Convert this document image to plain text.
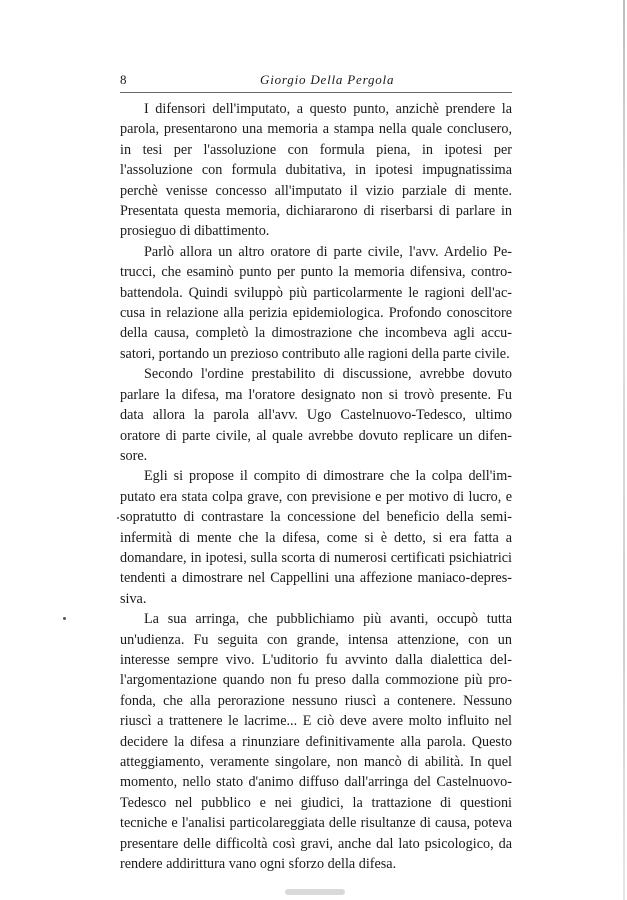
8	Giorgio Della Pergola

I difensori dell'imputato, a questo punto, anzichè prendere la parola, presentarono una memoria a stampa nella quale conclusero, in tesi per l'assoluzione con formula piena, in ipotesi per l'assoluzione con formula dubitativa, in ipotesi impugnatissima perchè venisse concesso all'imputato il vizio parziale di mente. Presentata questa memoria, dichiararono di riserbarsi di parlare in prosieguo di dibattimento.

Parlò allora un altro oratore di parte civile, l'avv. Ardelio Petrucci, che esaminò punto per punto la memoria difensiva, controbattendola. Quindi sviluppò più particolarmente le ragioni dell'accusa in relazione alla perizia epidemiologica. Profondo conoscitore della causa, completò la dimostrazione che incombeva agli accusatori, portando un prezioso contributo alle ragioni della parte civile.

Secondo l'ordine prestabilito di discussione, avrebbe dovuto parlare la difesa, ma l'oratore designato non si trovò presente. Fu data allora la parola all'avv. Ugo Castelnuovo-Tedesco, ultimo oratore di parte civile, al quale avrebbe dovuto replicare un difensore.

Egli si propose il compito di dimostrare che la colpa dell'imputato era stata colpa grave, con previsione e per motivo di lucro, e sopratutto di contrastare la concessione del beneficio della semiinfermità di mente che la difesa, come si è detto, si era fatta a domandare, in ipotesi, sulla scorta di numerosi certificati psichiatrici tendenti a dimostrare nel Cappellini una affezione maniaco-depressiva.

La sua arringa, che pubblichiamo più avanti, occupò tutta un'udienza. Fu seguita con grande, intensa attenzione, con un interesse sempre vivo. L'uditorio fu avvinto dalla dialettica dell'argomentazione quando non fu preso dalla commozione più profonda, che alla perorazione nessuno riuscì a contenere. Nessuno riuscì a trattenere le lacrime... E ciò deve avere molto influito nel decidere la difesa a rinunziare definitivamente alla parola. Questo atteggiamento, veramente singolare, non mancò di abilità. In quel momento, nello stato d'animo diffuso dall'arringa del Castelnuovo-Tedesco nel pubblico e nei giudici, la trattazione di questioni tecniche e l'analisi particolareggiata delle risultanze di causa, poteva presentare delle difficoltà così gravi, anche dal lato psicologico, da rendere addirittura vano ogni sforzo della difesa.
